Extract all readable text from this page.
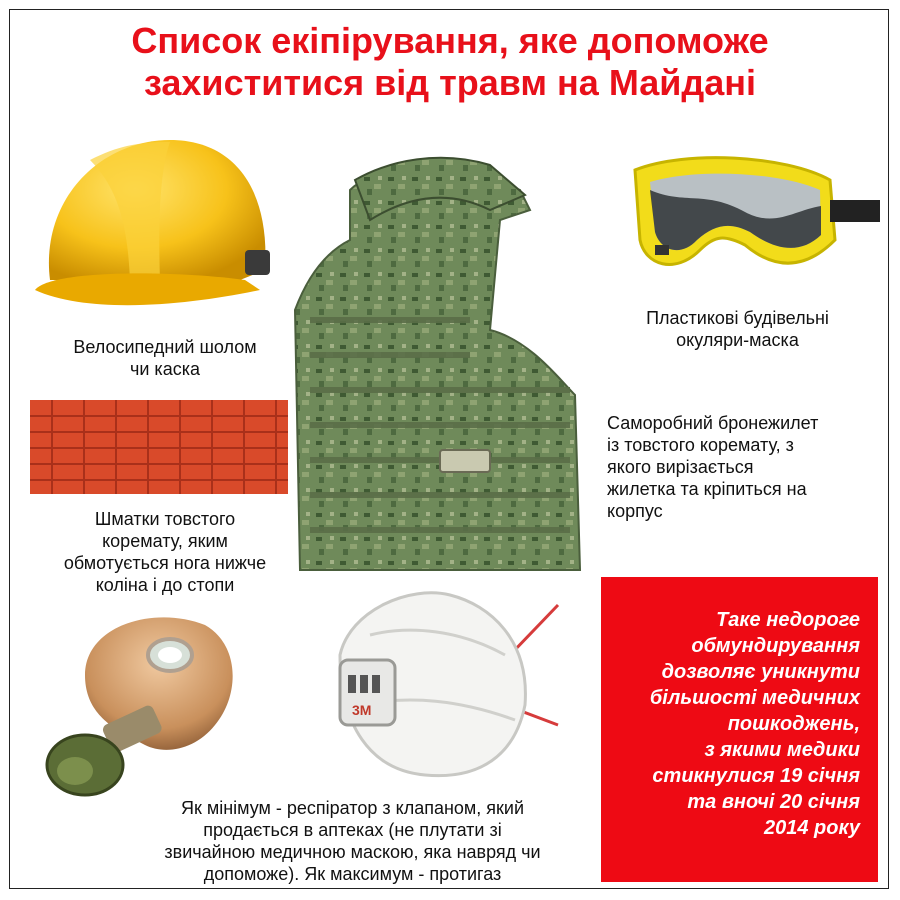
Список екіпірування, яке допоможе
захиститися від травм на Майдані
3M
Велосипедний шолом
чи каска
Пластикові будівельні
окуляри-маска
Саморобний бронежилет
із товстого коремату, з
якого вирізається
жилетка та кріпиться на
корпус
Шматки товстого
коремату, яким
обмотується нога нижче
коліна і до стопи
Як мінімум - респіратор з клапаном, який
продається в аптеках (не плутати зі
звичайною медичною маскою, яка навряд чи
допоможе). Як максимум - протигаз
Таке недороге
обмундирування
дозволяє уникнути
більшості медичних
пошкоджень,
з якими медики
стикнулися 19 січня
та вночі 20 січня
2014 року
